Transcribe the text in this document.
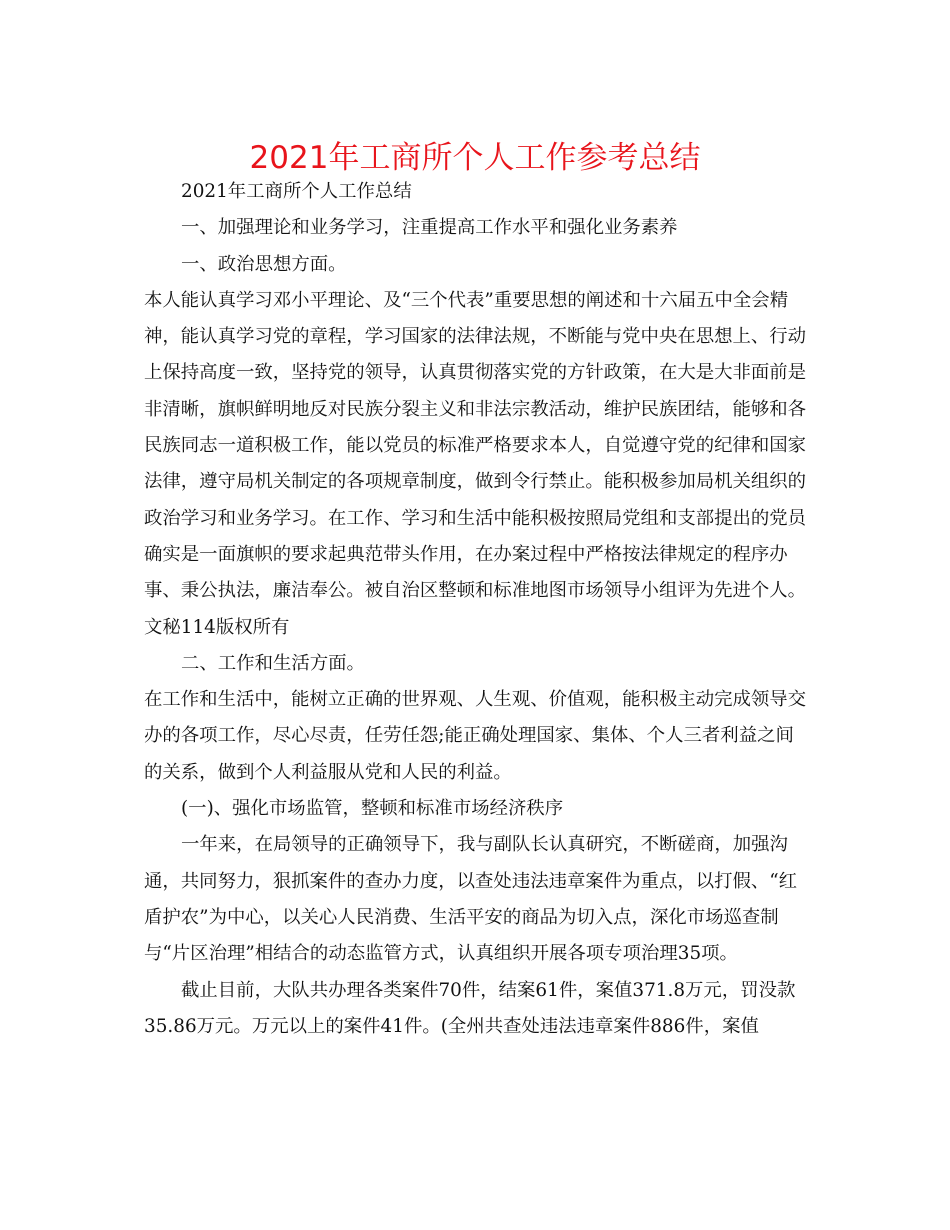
2021年工商所个人工作参考总结

2021年工商所个人工作总结

一、加强理论和业务学习，注重提高工作水平和强化业务素养

一、政治思想方面。

本人能认真学习邓小平理论、及“三个代表”重要思想的阐述和十六届五中全会精神，能认真学习党的章程，学习国家的法律法规，不断能与党中央在思想上、行动上保持高度一致，坚持党的领导，认真贯彻落实党的方针政策，在大是大非面前是非清晰，旗帜鲜明地反对民族分裂主义和非法宗教活动，维护民族团结，能够和各民族同志一道积极工作，能以党员的标准严格要求本人，自觉遵守党的纪律和国家法律，遵守局机关制定的各项规章制度，做到令行禁止。能积极参加局机关组织的政治学习和业务学习。在工作、学习和生活中能积极按照局党组和支部提出的党员确实是一面旗帜的要求起典范带头作用，在办案过程中严格按法律规定的程序办事、秉公执法，廉洁奉公。被自治区整顿和标准地图市场领导小组评为先进个人。文秘114版权所有

二、工作和生活方面。

在工作和生活中，能树立正确的世界观、人生观、价值观，能积极主动完成领导交办的各项工作，尽心尽责，任劳任怨;能正确处理国家、集体、个人三者利益之间的关系，做到个人利益服从党和人民的利益。

(一)、强化市场监管，整顿和标准市场经济秩序

一年来，在局领导的正确领导下，我与副队长认真研究，不断磋商，加强沟通，共同努力，狠抓案件的查办力度，以查处违法违章案件为重点，以打假、“红盾护农”为中心，以关心人民消费、生活平安的商品为切入点，深化市场巡查制与“片区治理”相结合的动态监管方式，认真组织开展各项专项治理35项。

截止目前，大队共办理各类案件70件，结案61件，案值371.8万元，罚没款35.86万元。万元以上的案件41件。(全州共查处违法违章案件886件，案值
